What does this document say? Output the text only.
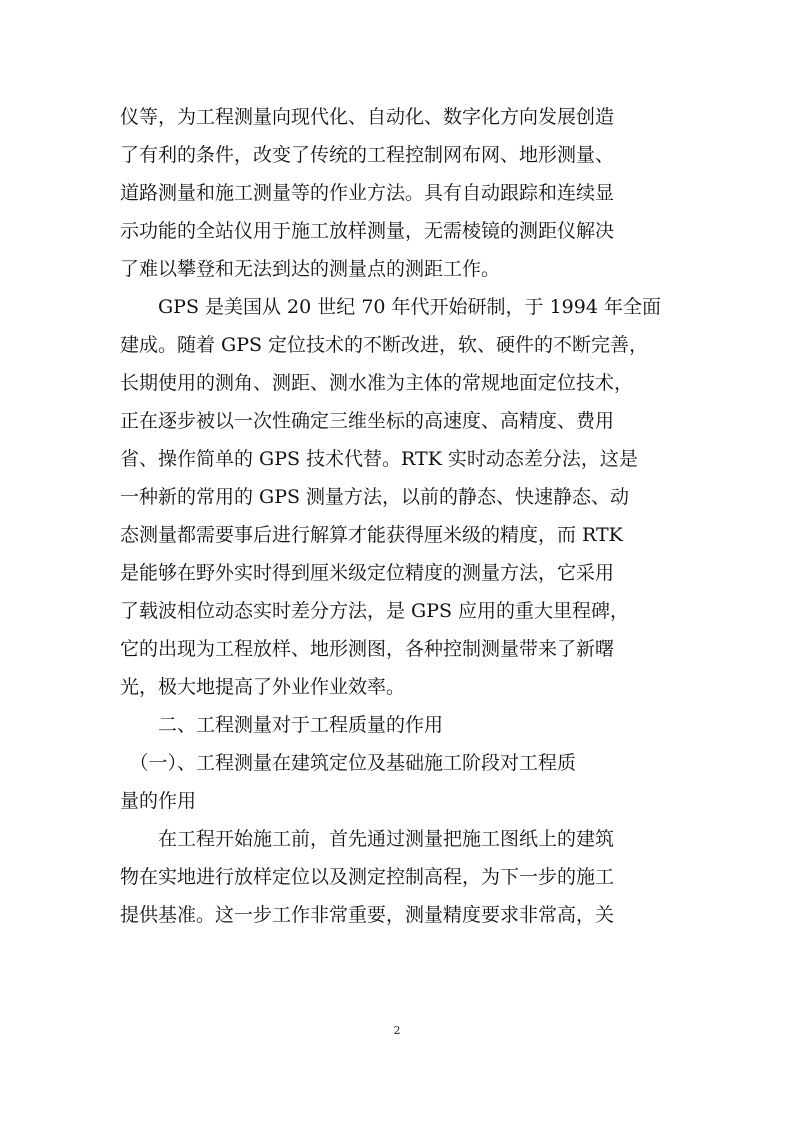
仪等，为工程测量向现代化、自动化、数字化方向发展创造
了有利的条件，改变了传统的工程控制网布网、地形测量、
道路测量和施工测量等的作业方法。具有自动跟踪和连续显
示功能的全站仪用于施工放样测量，无需棱镜的测距仪解决
了难以攀登和无法到达的测量点的测距工作。
　　GPS 是美国从 20 世纪 70 年代开始研制，于 1994 年全面
建成。随着 GPS 定位技术的不断改进，软、硬件的不断完善，
长期使用的测角、测距、测水准为主体的常规地面定位技术，
正在逐步被以一次性确定三维坐标的高速度、高精度、费用
省、操作简单的 GPS 技术代替。RTK 实时动态差分法，这是
一种新的常用的 GPS 测量方法，以前的静态、快速静态、动
态测量都需要事后进行解算才能获得厘米级的精度，而 RTK
是能够在野外实时得到厘米级定位精度的测量方法，它采用
了载波相位动态实时差分方法，是 GPS 应用的重大里程碑，
它的出现为工程放样、地形测图，各种控制测量带来了新曙
光，极大地提高了外业作业效率。
　　二、工程测量对于工程质量的作用
　（一）、工程测量在建筑定位及基础施工阶段对工程质
量的作用
　　在工程开始施工前，首先通过测量把施工图纸上的建筑
物在实地进行放样定位以及测定控制高程，为下一步的施工
提供基准。这一步工作非常重要，测量精度要求非常高，关
2
